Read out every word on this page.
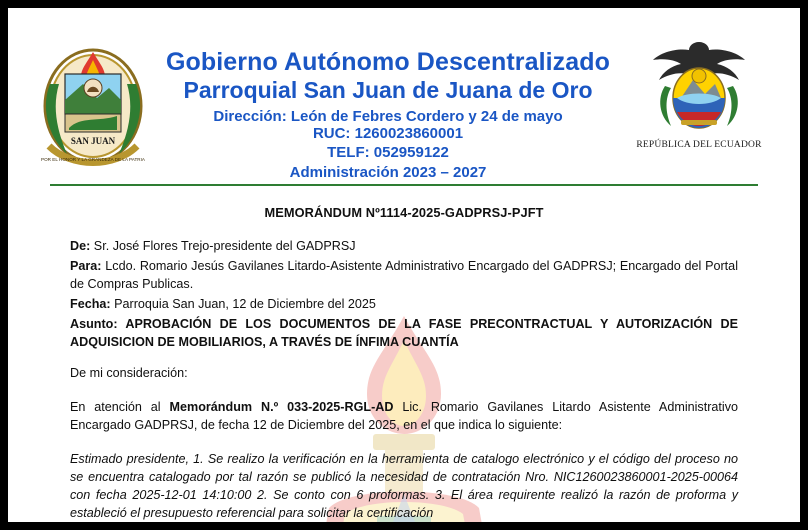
SAN JUAN
POR EL HONOR Y LA GRANDEZA DE LA PATRIA
Gobierno Autónomo Descentralizado
Parroquial San Juan de Juana de Oro
Dirección: León de Febres Cordero y 24 de mayo
RUC: 1260023860001
TELF: 052959122
Administración 2023 – 2027
REPÚBLICA DEL ECUADOR
MEMORÁNDUM Nº1114-2025-GADPRSJ-PJFT
De: Sr. José Flores Trejo-presidente del GADPRSJ
Para: Lcdo. Romario Jesús Gavilanes Litardo-Asistente Administrativo Encargado del GADPRSJ; Encargado del Portal de Compras Publicas.
Fecha: Parroquia San Juan, 12 de Diciembre del 2025
Asunto: APROBACIÓN DE LOS DOCUMENTOS DE LA FASE PRECONTRACTUAL Y AUTORIZACIÓN DE ADQUISICION DE MOBILIARIOS, A TRAVÉS DE ÍNFIMA CUANTÍA
De mi consideración:
En atención al Memorándum N.º 033-2025-RGL-AD Lic. Romario Gavilanes Litardo Asistente Administrativo Encargado GADPRSJ, de fecha 12 de Diciembre del 2025, en el que indica lo siguiente:
Estimado presidente, 1. Se realizo la verificación en la herramienta de catalogo electrónico y el código del proceso no se encuentra catalogado por tal razón se publicó la necesidad de contratación Nro. NIC1260023860001-2025-00064 con fecha 2025-12-01 14:10:00 2. Se conto con 6 proformas. 3. El área requirente realizó la razón de proforma y estableció el presupuesto referencial para solicitar la certificación
